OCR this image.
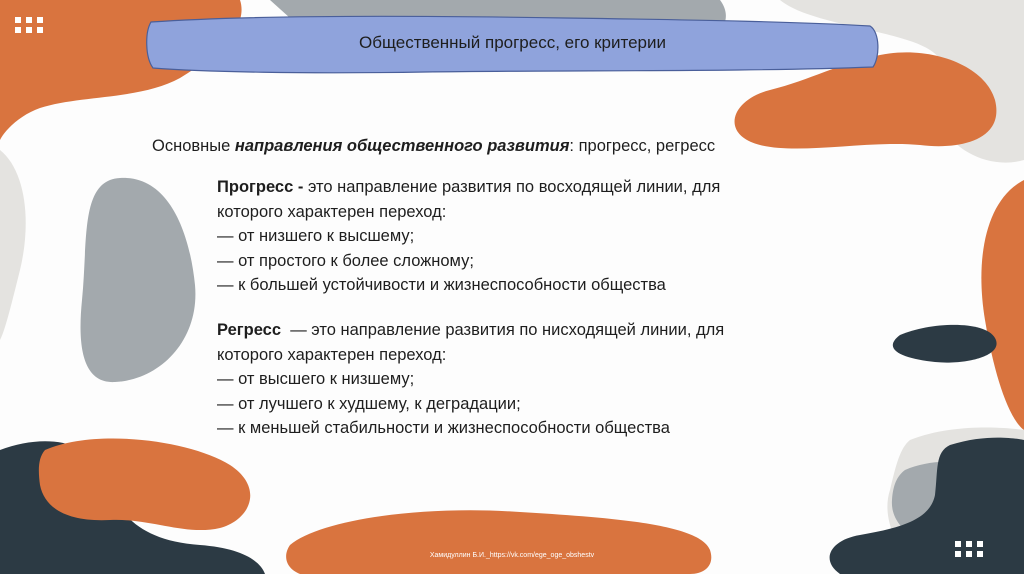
Общественный прогресс, его критерии
Основные направления общественного развития: прогресс, регресс
Прогресс - это направление развития по восходящей линии, для
которого характерен переход:
— от низшего к высшему;
— от простого к более сложному;
— к большей устойчивости и жизнеспособности общества
Регресс  — это направление развития по нисходящей линии, для
которого характерен переход:
— от высшего к низшему;
— от лучшего к худшему, к деградации;
— к меньшей стабильности и жизнеспособности общества
Хамидуллин Б.И._https://vk.com/ege_oge_obshestv
